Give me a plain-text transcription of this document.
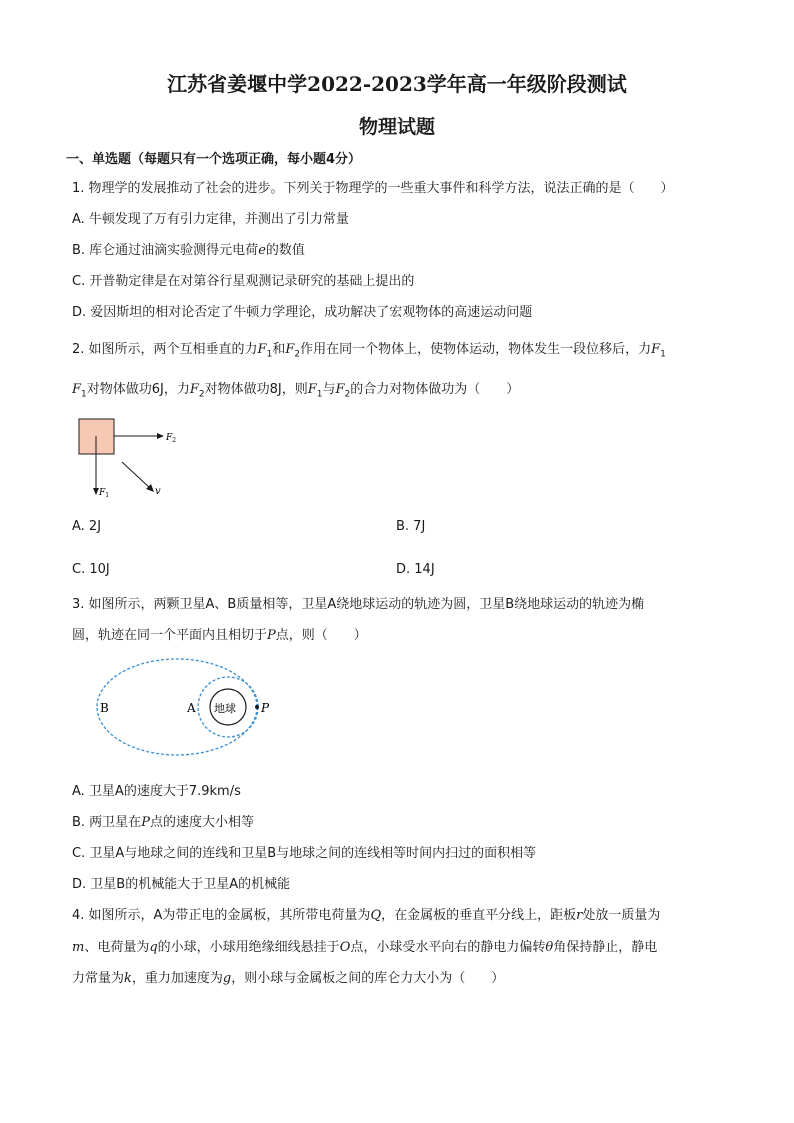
江苏省姜堰中学2022-2023学年高一年级阶段测试
物理试题
一、单选题（每题只有一个选项正确，每小题4分）
1. 物理学的发展推动了社会的进步。下列关于物理学的一些重大事件和科学方法，说法正确的是（　　）
A. 牛顿发现了万有引力定律，并测出了引力常量
B. 库仑通过油滴实验测得元电荷e的数值
C. 开普勒定律是在对第谷行星观测记录研究的基础上提出的
D. 爱因斯坦的相对论否定了牛顿力学理论，成功解决了宏观物体的高速运动问题
2. 如图所示，两个互相垂直的力$F_1$和$F_2$作用在同一个物体上，使物体运动，物体发生一段位移后，力$F_1$
$F_1$对物体做功6J，力$F_2$对物体做功8J，则$F_1$与$F_2$的合力对物体做功为（　　）
$F_2$
$F_1$	v
A. 2J	B. 7J
C. 10J	D. 14J
3. 如图所示，两颗卫星A、B质量相等，卫星A绕地球运动的轨迹为圆，卫星B绕地球运动的轨迹为椭
圆，轨迹在同一个平面内且相切于P点，则（　　）
B	A 地球 P
A. 卫星A的速度大于7.9km/s
B. 两卫星在P点的速度大小相等
C. 卫星A与地球之间的连线和卫星B与地球之间的连线相等时间内扫过的面积相等
D. 卫星B的机械能大于卫星A的机械能
4. 如图所示，A为带正电的金属板，其所带电荷量为Q，在金属板的垂直平分线上，距板r处放一质量为
m、电荷量为q的小球，小球用绝缘细线悬挂于O点，小球受水平向右的静电力偏转θ角保持静止，静电
力常量为k，重力加速度为g，则小球与金属板之间的库仑力大小为（　　）
